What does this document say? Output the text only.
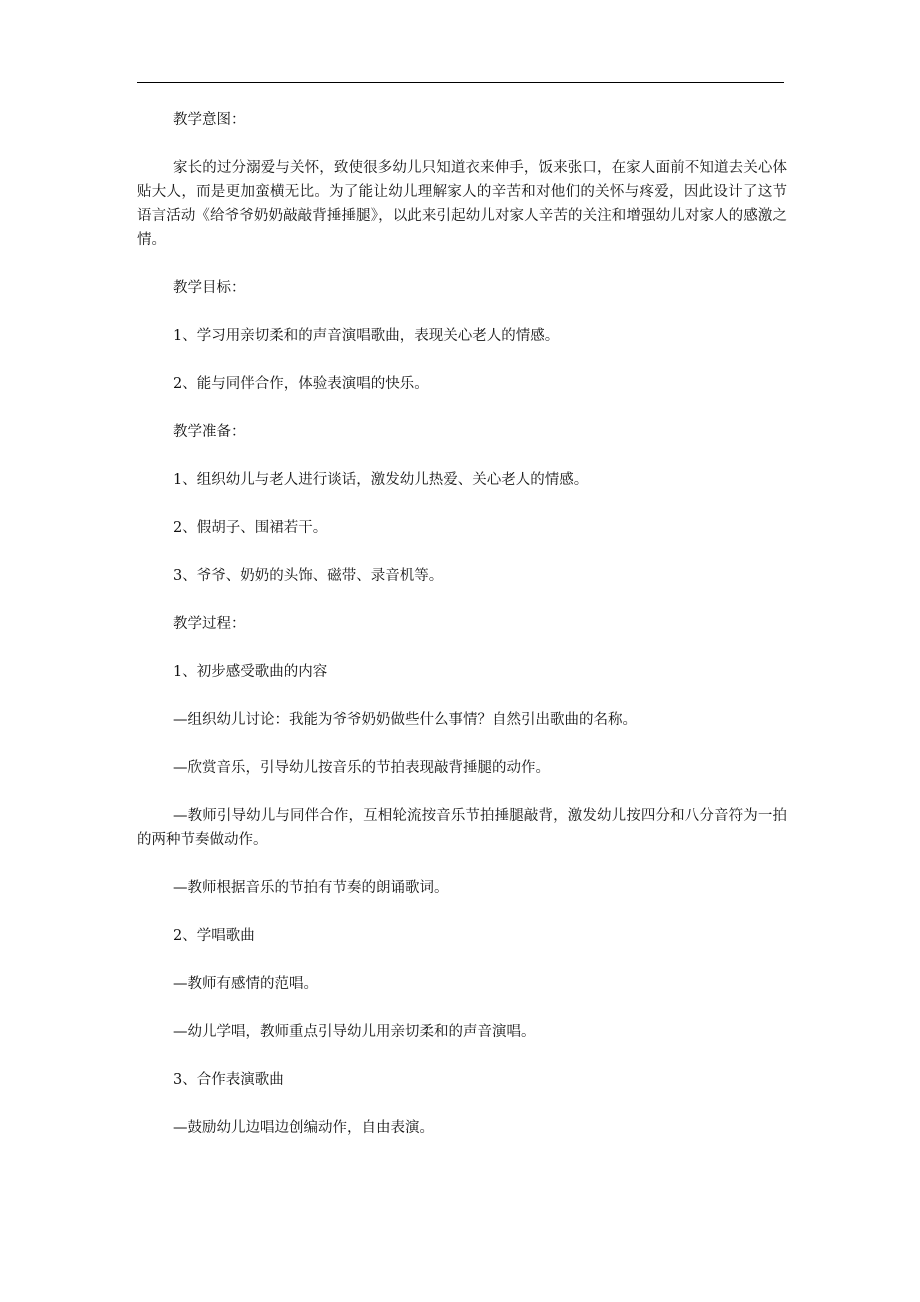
教学意图：

家长的过分溺爱与关怀，致使很多幼儿只知道衣来伸手，饭来张口，在家人面前不知道去关心体贴大人，而是更加蛮横无比。为了能让幼儿理解家人的辛苦和对他们的关怀与疼爱，因此设计了这节语言活动《给爷爷奶奶敲敲背捶捶腿》，以此来引起幼儿对家人辛苦的关注和增强幼儿对家人的感激之情。

教学目标：

1、学习用亲切柔和的声音演唱歌曲，表现关心老人的情感。

2、能与同伴合作，体验表演唱的快乐。

教学准备：

1、组织幼儿与老人进行谈话，激发幼儿热爱、关心老人的情感。

2、假胡子、围裙若干。

3、爷爷、奶奶的头饰、磁带、录音机等。

教学过程：

1、初步感受歌曲的内容

—组织幼儿讨论：我能为爷爷奶奶做些什么事情？自然引出歌曲的名称。

—欣赏音乐，引导幼儿按音乐的节拍表现敲背捶腿的动作。

—教师引导幼儿与同伴合作，互相轮流按音乐节拍捶腿敲背，激发幼儿按四分和八分音符为一拍的两种节奏做动作。

—教师根据音乐的节拍有节奏的朗诵歌词。

2、学唱歌曲

—教师有感情的范唱。

—幼儿学唱，教师重点引导幼儿用亲切柔和的声音演唱。

3、合作表演歌曲

—鼓励幼儿边唱边创编动作，自由表演。
